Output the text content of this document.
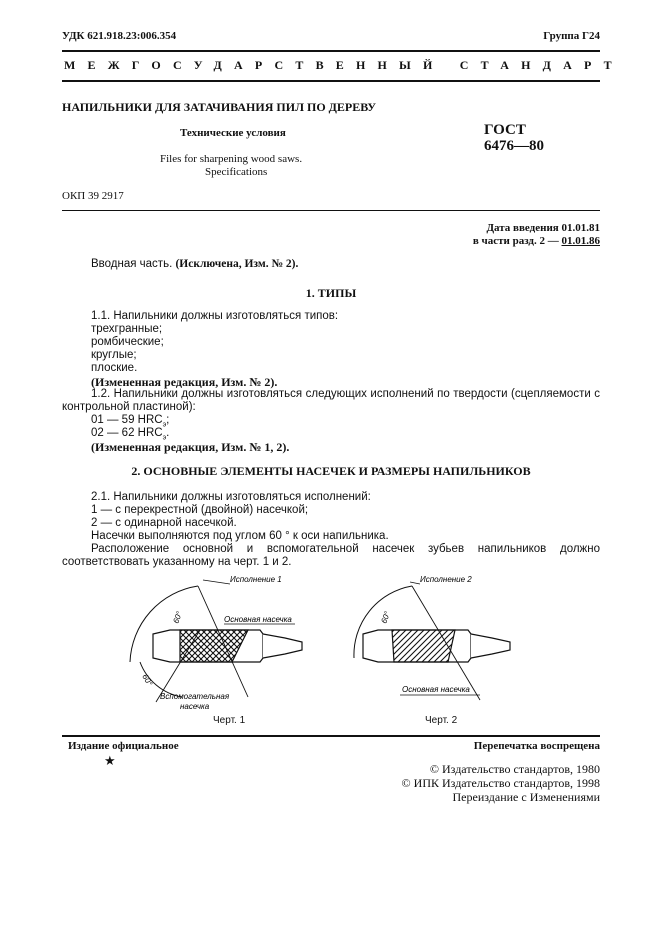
УДК 621.918.23:006.354	Группа Г24
МЕЖГОСУДАРСТВЕННЫЙ СТАНДАРТ
НАПИЛЬНИКИ ДЛЯ ЗАТАЧИВАНИЯ ПИЛ ПО ДЕРЕВУ
Технические условия
Files for sharpening wood saws.
Specifications
ГОСТ
6476—80
ОКП 39 2917
Дата введения 01.01.81
в части разд. 2 — 01.01.86
Вводная часть. (Исключена, Изм. № 2).
1. ТИПЫ
1.1. Напильники должны изготовляться типов:
трехгранные;
ромбические;
круглые;
плоские.
(Измененная редакция, Изм. № 2).
1.2. Напильники должны изготовляться следующих исполнений по твердости (сцепляемости с контрольной пластиной):
01 — 59 $HRC_э$;
02 — 62 $HRC_э$.
(Измененная редакция, Изм. № 1, 2).
2. ОСНОВНЫЕ ЭЛЕМЕНТЫ НАСЕЧЕК И РАЗМЕРЫ НАПИЛЬНИКОВ
2.1. Напильники должны изготовляться исполнений:
1 — с перекрестной (двойной) насечкой;
2 — с одинарной насечкой.
Насечки выполняются под углом 60 ° к оси напильника.
Расположение основной и вспомогательной насечек зубьев напильников должно соответствовать указанному на черт. 1 и 2.
Исполнение 1
60°
60°
Основная насечка
Вспомогательная
насечка
Черт. 1
Исполнение 2
60°
Основная насечка
Черт. 2
Издание официальное	Перепечатка воспрещена
★
© Издательство стандартов, 1980
© ИПК Издательство стандартов, 1998
Переиздание с Изменениями
